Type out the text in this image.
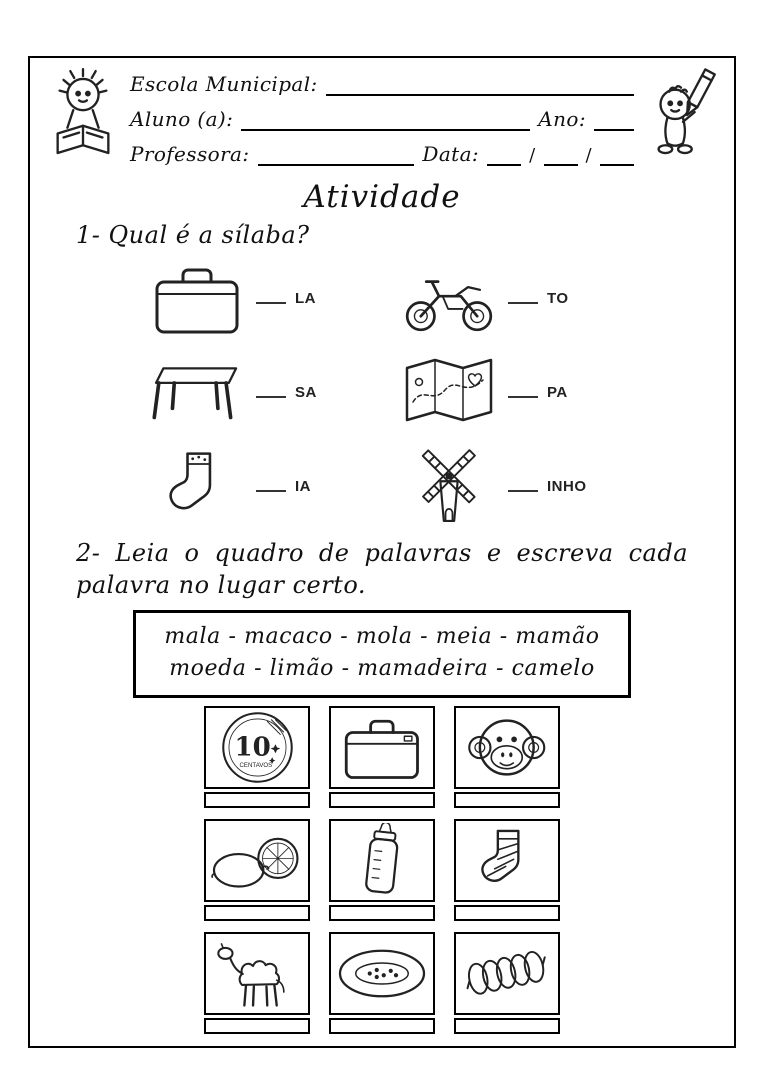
Escola Municipal:
Aluno (a):	Ano:
Professora:	Data:	/	/
Atividade
1- Qual é a sílaba?
LA	TO
SA	PA
IA	INHO
2- Leia o quadro de palavras e escreva cada palavra no lugar certo.
mala - macaco - mola - meia - mamão
moeda - limão - mamadeira - camelo
10
CENTAVOS
